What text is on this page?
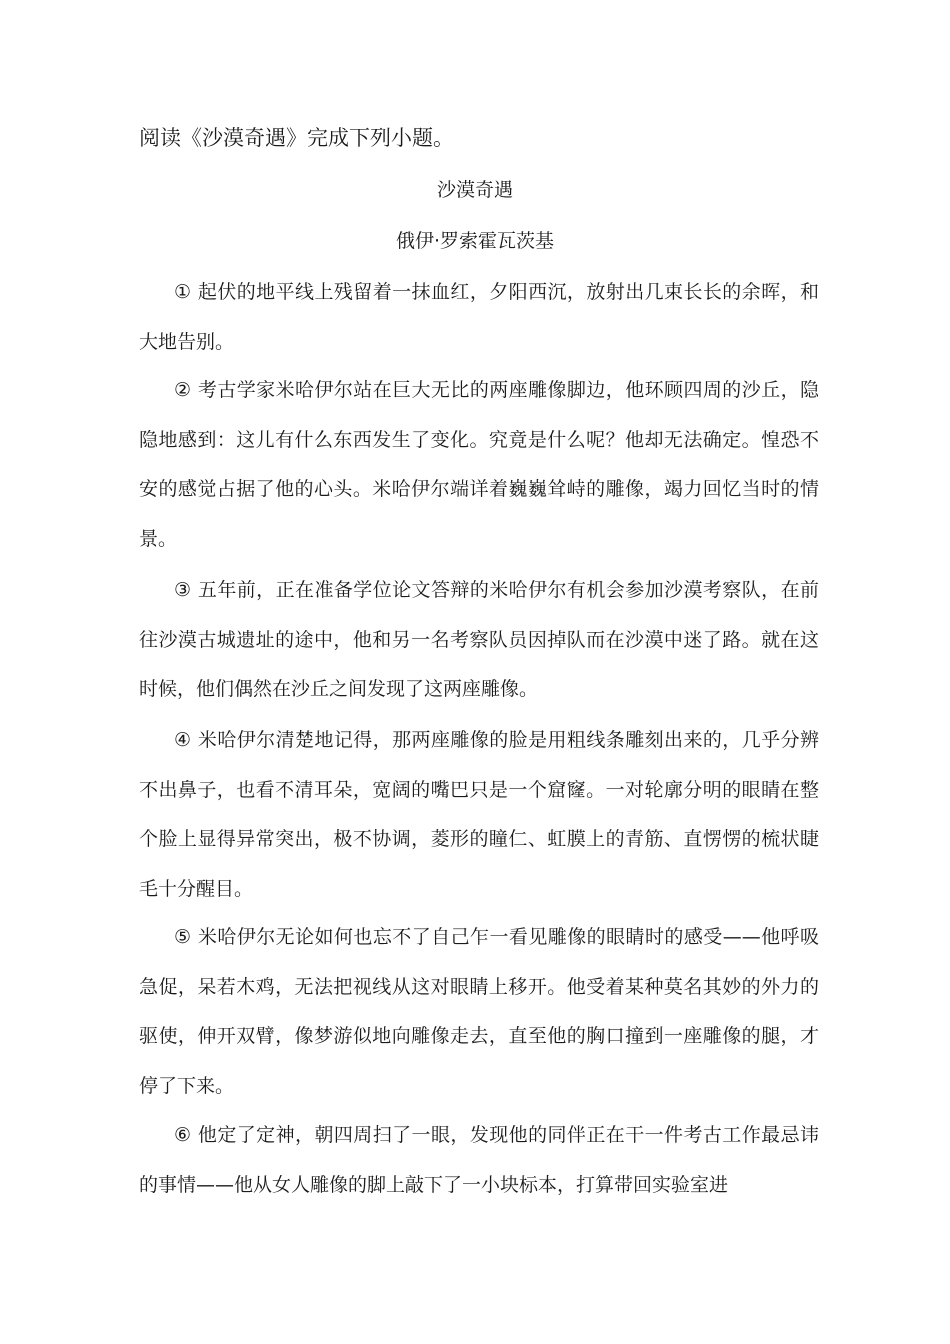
阅读《沙漠奇遇》完成下列小题。
沙漠奇遇
俄伊·罗索霍瓦茨基
① 起伏的地平线上残留着一抹血红，夕阳西沉，放射出几束长长的余晖，和大地告别。
② 考古学家米哈伊尔站在巨大无比的两座雕像脚边，他环顾四周的沙丘，隐隐地感到：这儿有什么东西发生了变化。究竟是什么呢？他却无法确定。惶恐不安的感觉占据了他的心头。米哈伊尔端详着巍巍耸峙的雕像，竭力回忆当时的情景。
③ 五年前，正在准备学位论文答辩的米哈伊尔有机会参加沙漠考察队，在前往沙漠古城遗址的途中，他和另一名考察队员因掉队而在沙漠中迷了路。就在这时候，他们偶然在沙丘之间发现了这两座雕像。
④ 米哈伊尔清楚地记得，那两座雕像的脸是用粗线条雕刻出来的，几乎分辨不出鼻子，也看不清耳朵，宽阔的嘴巴只是一个窟窿。一对轮廓分明的眼睛在整个脸上显得异常突出，极不协调，菱形的瞳仁、虹膜上的青筋、直愣愣的梳状睫毛十分醒目。
⑤ 米哈伊尔无论如何也忘不了自己乍一看见雕像的眼睛时的感受——他呼吸急促，呆若木鸡，无法把视线从这对眼睛上移开。他受着某种莫名其妙的外力的驱使，伸开双臂，像梦游似地向雕像走去，直至他的胸口撞到一座雕像的腿，才停了下来。
⑥ 他定了定神，朝四周扫了一眼，发现他的同伴正在干一件考古工作最忌讳的事情——他从女人雕像的脚上敲下了一小块标本，打算带回实验室进
